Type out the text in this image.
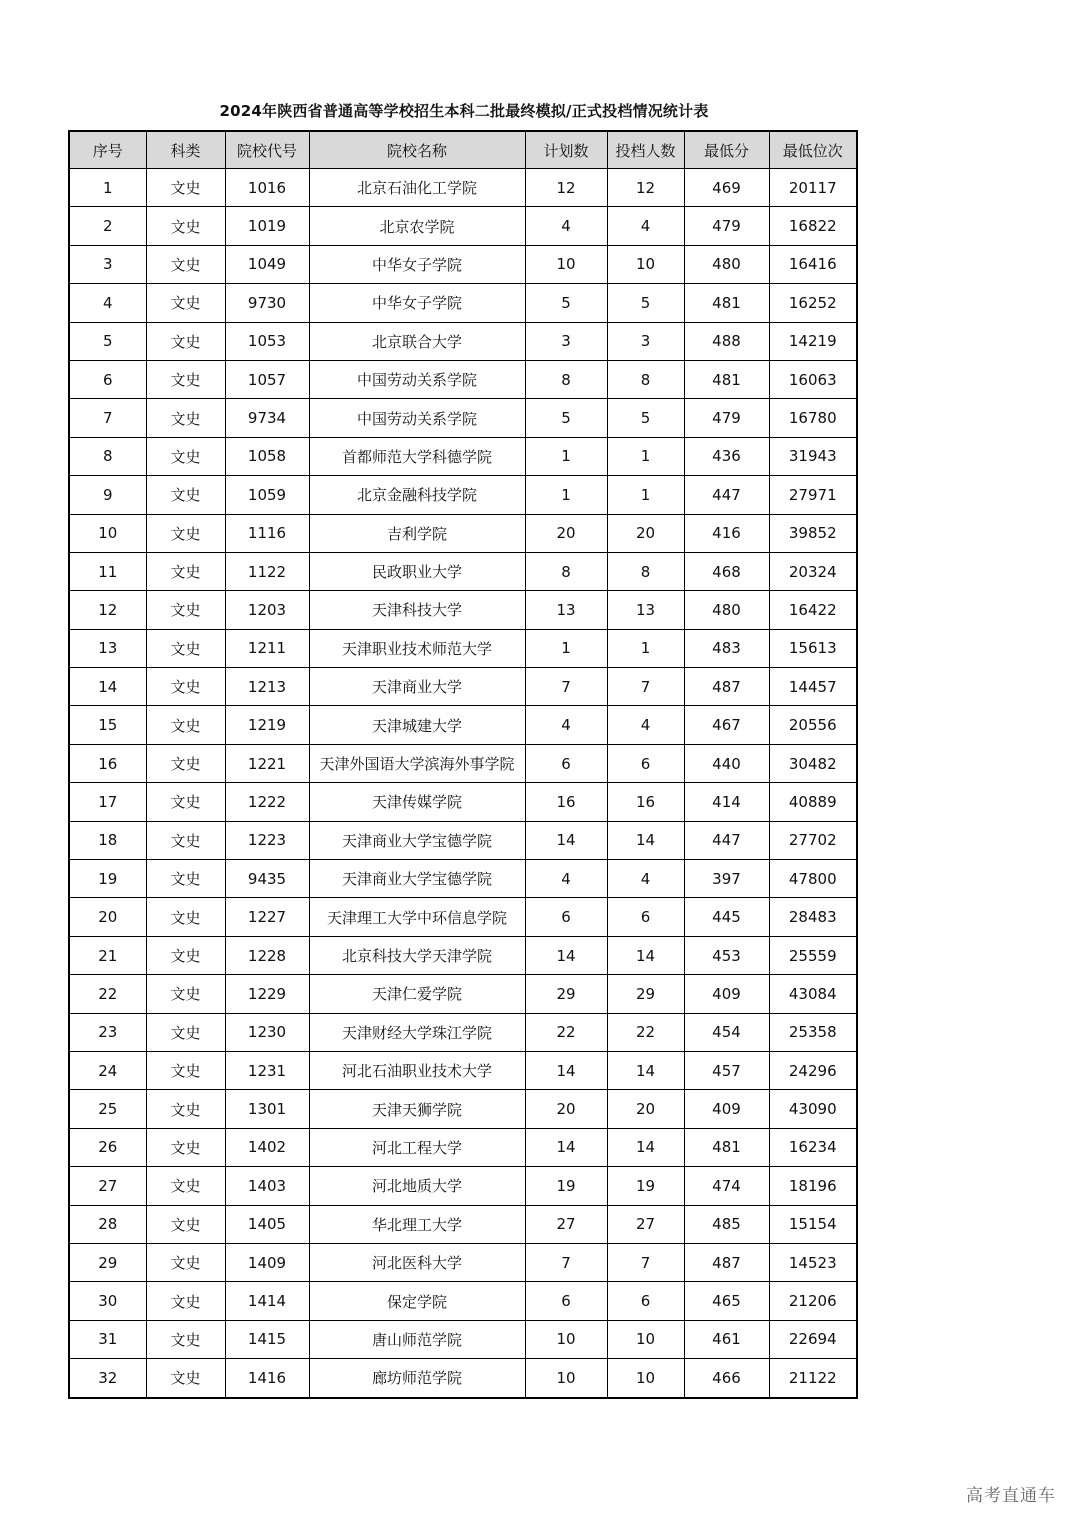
2024年陕西省普通高等学校招生本科二批最终模拟/正式投档情况统计表
序号	科类	院校代号	院校名称	计划数	投档人数	最低分	最低位次
1	文史	1016	北京石油化工学院	12	12	469	20117
2	文史	1019	北京农学院	4	4	479	16822
3	文史	1049	中华女子学院	10	10	480	16416
4	文史	9730	中华女子学院	5	5	481	16252
5	文史	1053	北京联合大学	3	3	488	14219
6	文史	1057	中国劳动关系学院	8	8	481	16063
7	文史	9734	中国劳动关系学院	5	5	479	16780
8	文史	1058	首都师范大学科德学院	1	1	436	31943
9	文史	1059	北京金融科技学院	1	1	447	27971
10	文史	1116	吉利学院	20	20	416	39852
11	文史	1122	民政职业大学	8	8	468	20324
12	文史	1203	天津科技大学	13	13	480	16422
13	文史	1211	天津职业技术师范大学	1	1	483	15613
14	文史	1213	天津商业大学	7	7	487	14457
15	文史	1219	天津城建大学	4	4	467	20556
16	文史	1221	天津外国语大学滨海外事学院	6	6	440	30482
17	文史	1222	天津传媒学院	16	16	414	40889
18	文史	1223	天津商业大学宝德学院	14	14	447	27702
19	文史	9435	天津商业大学宝德学院	4	4	397	47800
20	文史	1227	天津理工大学中环信息学院	6	6	445	28483
21	文史	1228	北京科技大学天津学院	14	14	453	25559
22	文史	1229	天津仁爱学院	29	29	409	43084
23	文史	1230	天津财经大学珠江学院	22	22	454	25358
24	文史	1231	河北石油职业技术大学	14	14	457	24296
25	文史	1301	天津天狮学院	20	20	409	43090
26	文史	1402	河北工程大学	14	14	481	16234
27	文史	1403	河北地质大学	19	19	474	18196
28	文史	1405	华北理工大学	27	27	485	15154
29	文史	1409	河北医科大学	7	7	487	14523
30	文史	1414	保定学院	6	6	465	21206
31	文史	1415	唐山师范学院	10	10	461	22694
32	文史	1416	廊坊师范学院	10	10	466	21122
高考直通车
